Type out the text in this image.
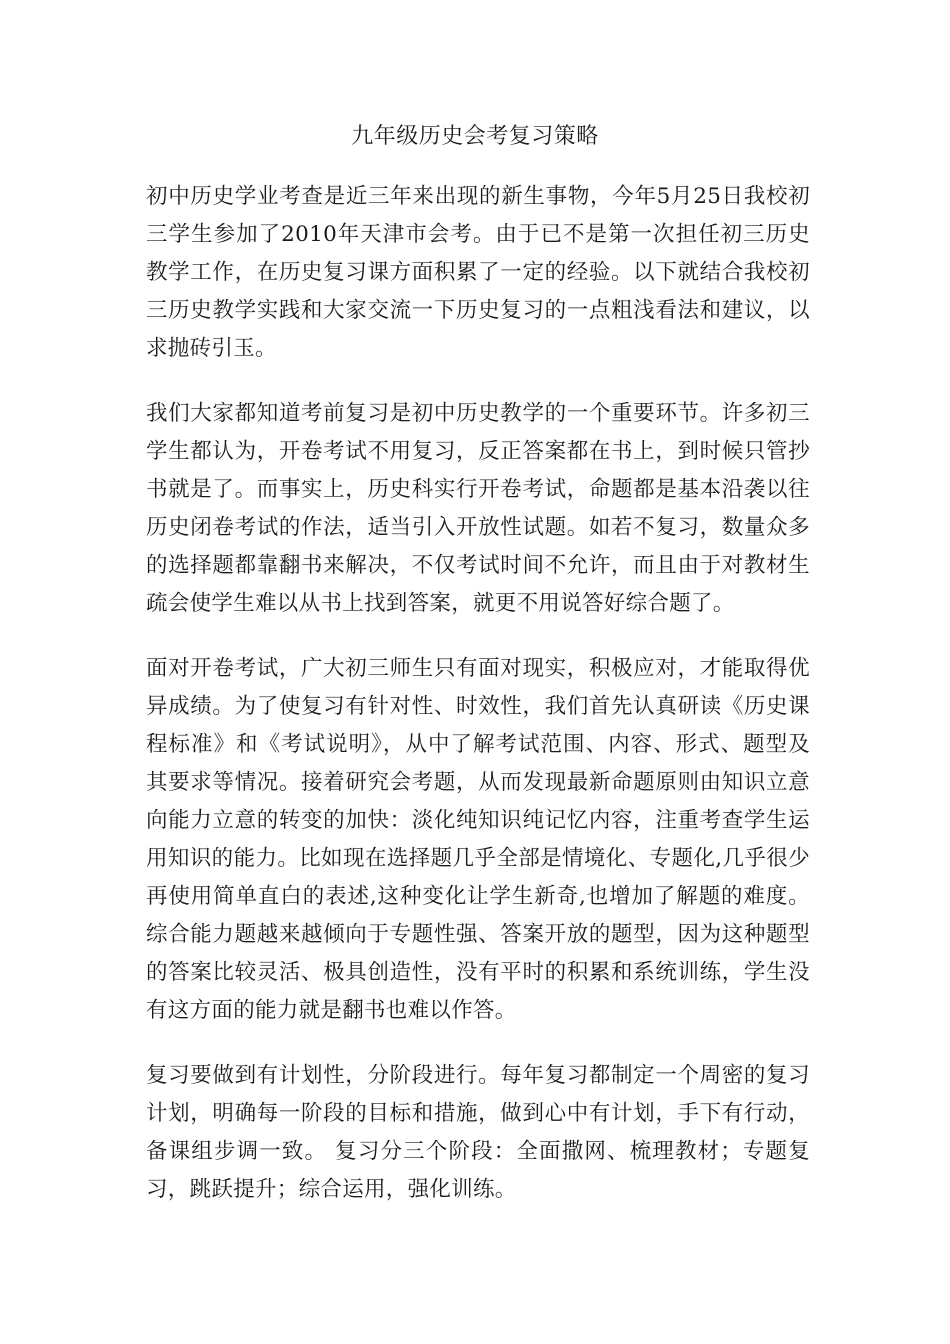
九年级历史会考复习策略

初中历史学业考查是近三年来出现的新生事物，今年5月25日我校初三学生参加了2010年天津市会考。由于已不是第一次担任初三历史教学工作，在历史复习课方面积累了一定的经验。以下就结合我校初三历史教学实践和大家交流一下历史复习的一点粗浅看法和建议，以求抛砖引玉。

我们大家都知道考前复习是初中历史教学的一个重要环节。许多初三学生都认为，开卷考试不用复习，反正答案都在书上，到时候只管抄书就是了。而事实上，历史科实行开卷考试，命题都是基本沿袭以往历史闭卷考试的作法，适当引入开放性试题。如若不复习，数量众多的选择题都靠翻书来解决，不仅考试时间不允许，而且由于对教材生疏会使学生难以从书上找到答案，就更不用说答好综合题了。

面对开卷考试，广大初三师生只有面对现实，积极应对，才能取得优异成绩。为了使复习有针对性、时效性，我们首先认真研读《历史课程标准》和《考试说明》，从中了解考试范围、内容、形式、题型及其要求等情况。接着研究会考题，从而发现最新命题原则由知识立意向能力立意的转变的加快：淡化纯知识纯记忆内容，注重考查学生运用知识的能力。比如现在选择题几乎全部是情境化、专题化,几乎很少再使用简单直白的表述,这种变化让学生新奇,也增加了解题的难度。综合能力题越来越倾向于专题性强、答案开放的题型，因为这种题型的答案比较灵活、极具创造性，没有平时的积累和系统训练，学生没有这方面的能力就是翻书也难以作答。

复习要做到有计划性，分阶段进行。每年复习都制定一个周密的复习计划，明确每一阶段的目标和措施，做到心中有计划，手下有行动，备课组步调一致。 复习分三个阶段：全面撒网、梳理教材；专题复习，跳跃提升；综合运用，强化训练。
